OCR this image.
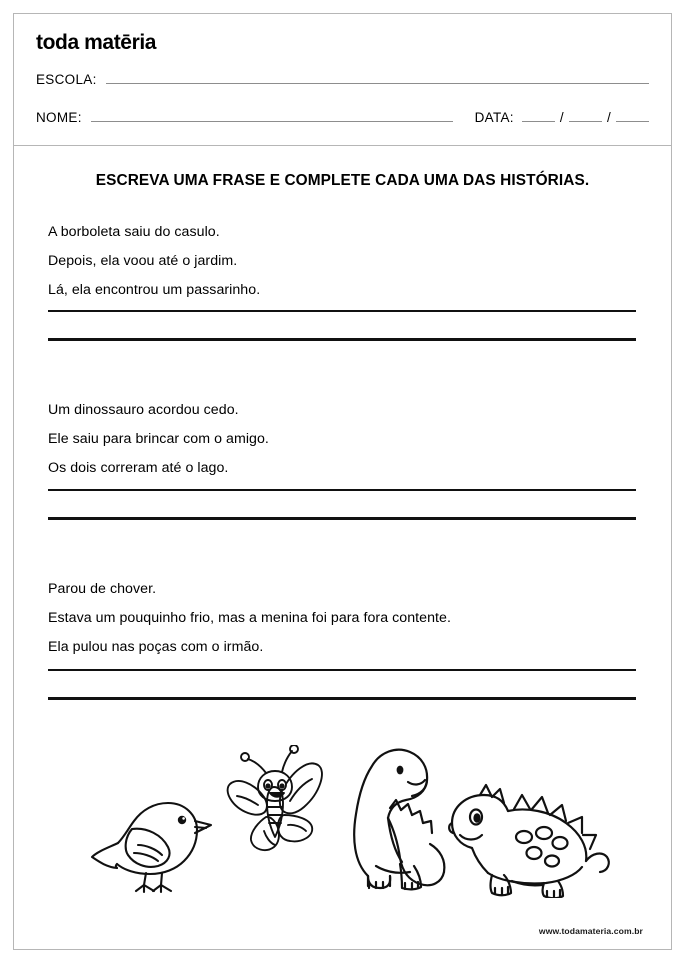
toda matēria
ESCOLA:
NOME:	DATA:	/	/
ESCREVA UMA FRASE E COMPLETE CADA UMA DAS HISTÓRIAS.
A borboleta saiu do casulo.
Depois, ela voou até o jardim.
Lá, ela encontrou um passarinho.
Um dinossauro acordou cedo.
Ele saiu para brincar com o amigo.
Os dois correram até o lago.
Parou de chover.
Estava um pouquinho frio, mas a menina foi para fora contente.
Ela pulou nas poças com o irmão.
www.todamateria.com.br
